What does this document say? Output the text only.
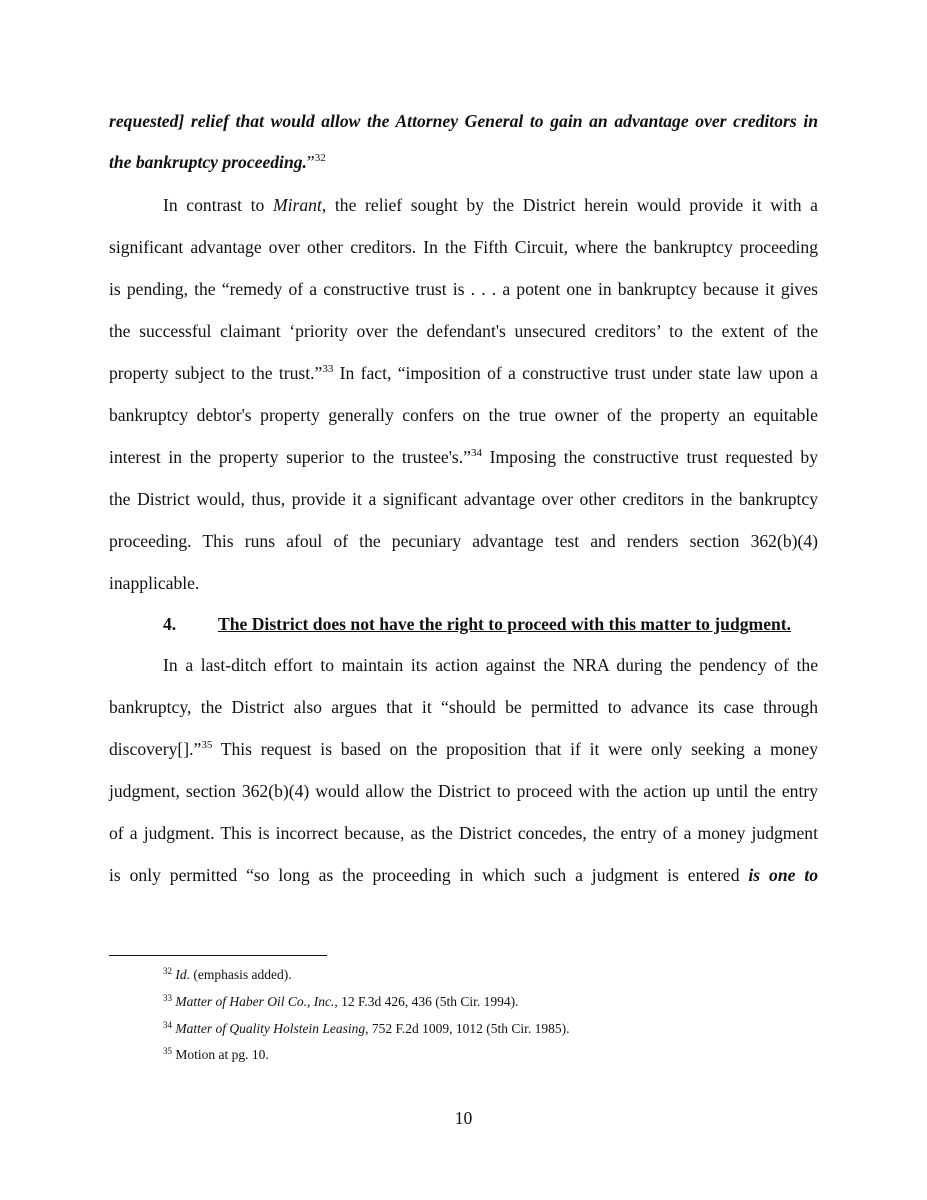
requested] relief that would allow the Attorney General to gain an advantage over creditors in
the bankruptcy proceeding.”$^{32}$
In contrast to Mirant, the relief sought by the District herein would provide it with a
significant advantage over other creditors. In the Fifth Circuit, where the bankruptcy proceeding
is pending, the “remedy of a constructive trust is . . . a potent one in bankruptcy because it gives
the successful claimant ‘priority over the defendant's unsecured creditors’ to the extent of the
property subject to the trust.”$^{33}$ In fact, “imposition of a constructive trust under state law upon a
bankruptcy debtor's property generally confers on the true owner of the property an equitable
interest in the property superior to the trustee's.”$^{34}$ Imposing the constructive trust requested by
the District would, thus, provide it a significant advantage over other creditors in the bankruptcy
proceeding. This runs afoul of the pecuniary advantage test and renders section 362(b)(4)
inapplicable.
4. The District does not have the right to proceed with this matter to judgment.
In a last-ditch effort to maintain its action against the NRA during the pendency of the
bankruptcy, the District also argues that it “should be permitted to advance its case through
discovery[].”$^{35}$ This request is based on the proposition that if it were only seeking a money
judgment, section 362(b)(4) would allow the District to proceed with the action up until the entry
of a judgment. This is incorrect because, as the District concedes, the entry of a money judgment
is only permitted “so long as the proceeding in which such a judgment is entered is one to
$^{32}$ Id. (emphasis added).
$^{33}$ Matter of Haber Oil Co., Inc., 12 F.3d 426, 436 (5th Cir. 1994).
$^{34}$ Matter of Quality Holstein Leasing, 752 F.2d 1009, 1012 (5th Cir. 1985).
$^{35}$ Motion at pg. 10.
10
